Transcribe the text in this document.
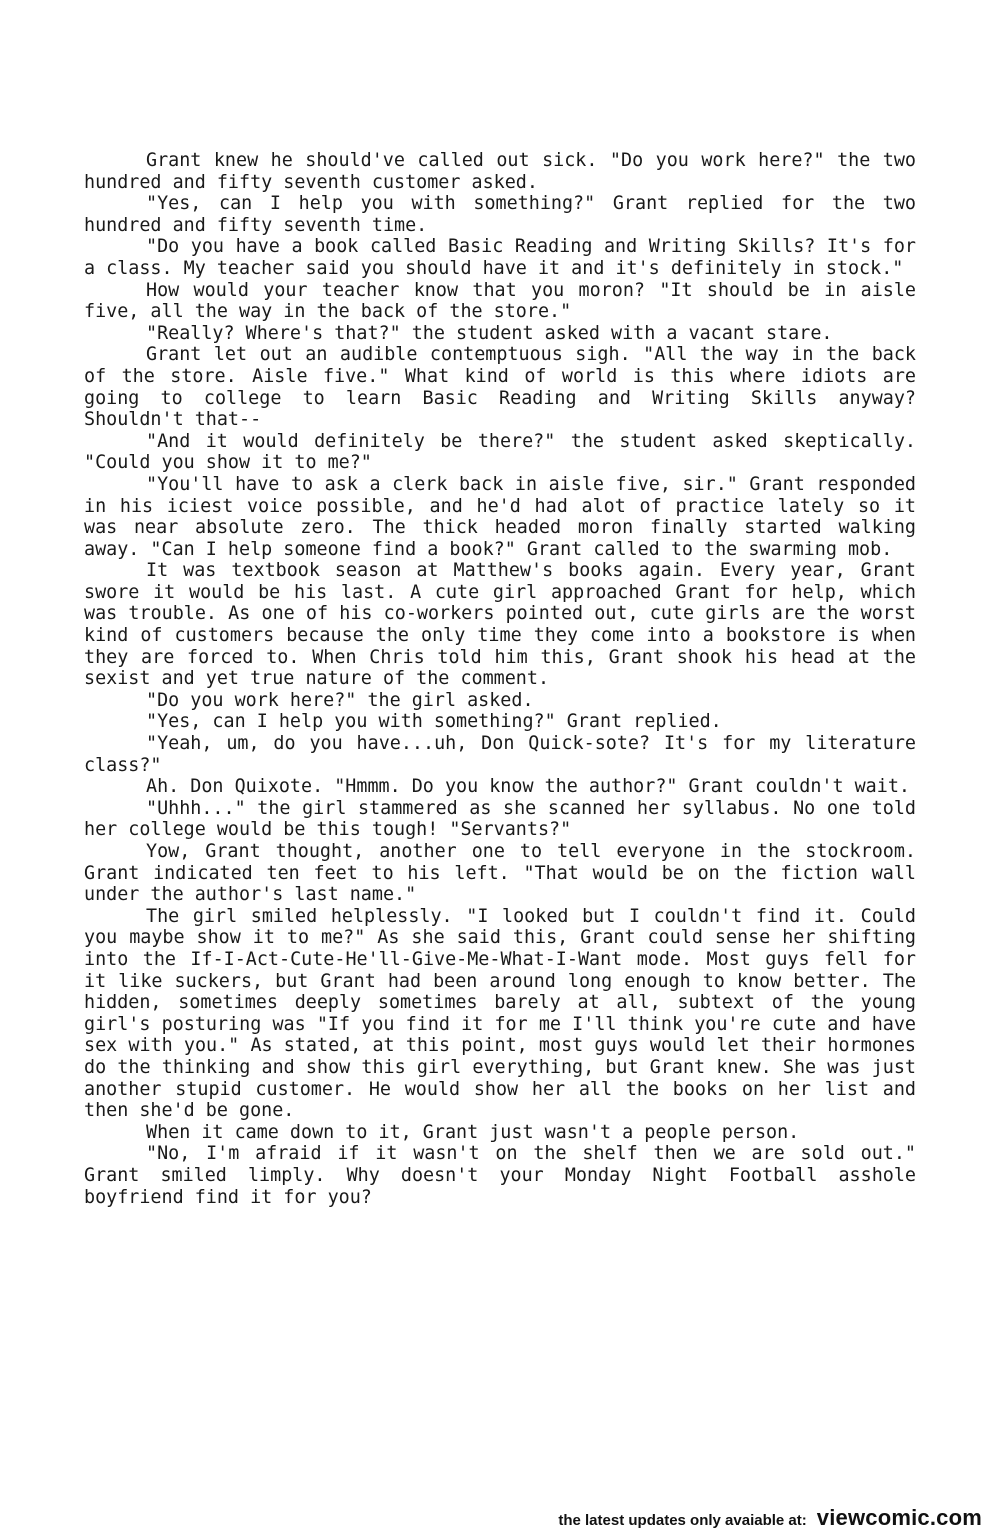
Grant knew he should've called out sick. "Do you work here?" the two hundred and fifty seventh customer asked.

"Yes, can I help you with something?" Grant replied for the two hundred and fifty seventh time.

"Do you have a book called Basic Reading and Writing Skills? It's for a class. My teacher said you should have it and it's definitely in stock."

How would your teacher know that you moron? "It should be in aisle five, all the way in the back of the store."

"Really? Where's that?" the student asked with a vacant stare.

Grant let out an audible contemptuous sigh. "All the way in the back of the store. Aisle five." What kind of world is this where idiots are going to college to learn Basic Reading and Writing Skills anyway? Shouldn't that--

"And it would definitely be there?" the student asked skeptically. "Could you show it to me?"

"You'll have to ask a clerk back in aisle five, sir." Grant responded in his iciest voice possible, and he'd had alot of practice lately so it was near absolute zero. The thick headed moron finally started walking away. "Can I help someone find a book?" Grant called to the swarming mob.

It was textbook season at Matthew's books again. Every year, Grant swore it would be his last. A cute girl approached Grant for help, which was trouble. As one of his co-workers pointed out, cute girls are the worst kind of customers because the only time they come into a bookstore is when they are forced to. When Chris told him this, Grant shook his head at the sexist and yet true nature of the comment.

"Do you work here?" the girl asked.

"Yes, can I help you with something?" Grant replied.

"Yeah, um, do you have...uh, Don Quick-sote? It's for my literature class?"

Ah. Don Quixote. "Hmmm. Do you know the author?" Grant couldn't wait.

"Uhhh..." the girl stammered as she scanned her syllabus. No one told her college would be this tough! "Servants?"

Yow, Grant thought, another one to tell everyone in the stockroom. Grant indicated ten feet to his left. "That would be on the fiction wall under the author's last name."

The girl smiled helplessly. "I looked but I couldn't find it. Could you maybe show it to me?" As she said this, Grant could sense her shifting into the If-I-Act-Cute-He'll-Give-Me-What-I-Want mode. Most guys fell for it like suckers, but Grant had been around long enough to know better. The hidden, sometimes deeply sometimes barely at all, subtext of the young girl's posturing was "If you find it for me I'll think you're cute and have sex with you." As stated, at this point, most guys would let their hormones do the thinking and show this girl everything, but Grant knew. She was just another stupid customer. He would show her all the books on her list and then she'd be gone.

When it came down to it, Grant just wasn't a people person.

"No, I'm afraid if it wasn't on the shelf then we are sold out." Grant smiled limply. Why doesn't your Monday Night Football asshole boyfriend find it for you?

the latest updates only avaiable at: viewcomic.com
